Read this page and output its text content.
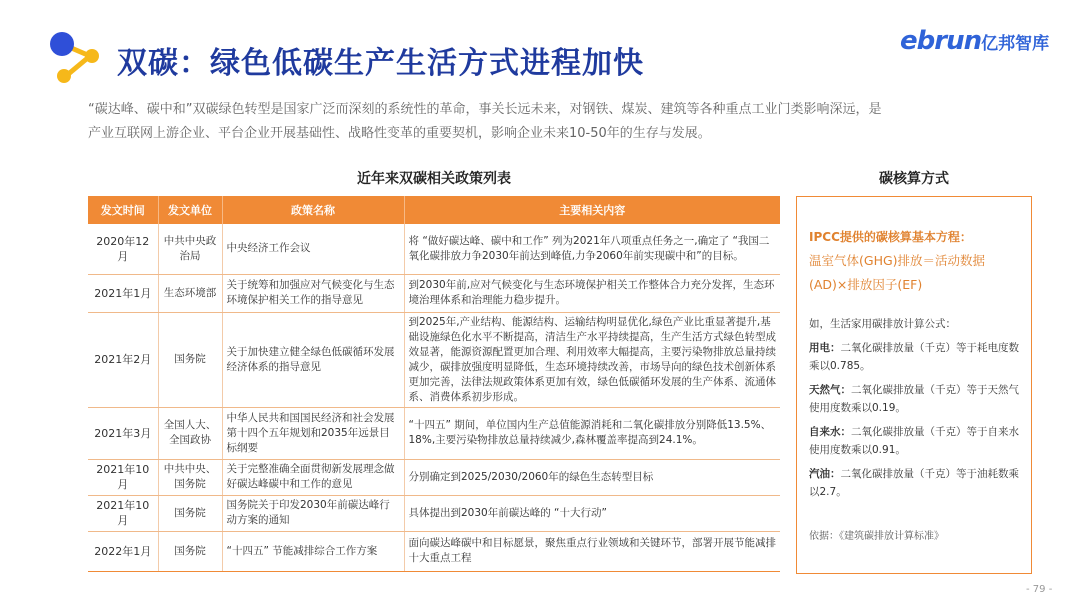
双碳：绿色低碳生产生活方式进程加快
ebrun亿邦智库
“碳达峰、碳中和”双碳绿色转型是国家广泛而深刻的系统性的革命，事关长远未来，对钢铁、煤炭、建筑等各种重点工业门类影响深远，是
产业互联网上游企业、平台企业开展基础性、战略性变革的重要契机，影响企业未来10-50年的生存与发展。
近年来双碳相关政策列表	碳核算方式
发文时间	发文单位	政策名称	主要相关内容
2020年12月	中共中央政治局	中央经济工作会议	将 “做好碳达峰、碳中和工作” 列为2021年八项重点任务之一,确定了 “我国二氧化碳排放力争2030年前达到峰值,力争2060年前实现碳中和”的目标。
2021年1月	生态环境部	关于统筹和加强应对气候变化与生态环境保护相关工作的指导意见	到2030年前,应对气候变化与生态环境保护相关工作整体合力充分发挥，生态环境治理体系和治理能力稳步提升。
2021年2月	国务院	关于加快建立健全绿色低碳循环发展经济体系的指导意见	到2025年,产业结构、能源结构、运输结构明显优化,绿色产业比重显著提升,基础设施绿色化水平不断提高，清洁生产水平持续提高，生产生活方式绿色转型成效显著，能源资源配置更加合理、利用效率大幅提高，主要污染物排放总量持续减少，碳排放强度明显降低，生态环境持续改善，市场导向的绿色技术创新体系更加完善，法律法规政策体系更加有效，绿色低碳循环发展的生产体系、流通体系、消费体系初步形成。
2021年3月	全国人大、全国政协	中华人民共和国国民经济和社会发展第十四个五年规划和2035年远景目标纲要	“十四五” 期间，单位国内生产总值能源消耗和二氧化碳排放分别降低13.5%、18%,主要污染物排放总量持续减少,森林覆盖率提高到24.1%。
2021年10月	中共中央、国务院	关于完整准确全面贯彻新发展理念做好碳达峰碳中和工作的意见	分别确定到2025/2030/2060年的绿色生态转型目标
2021年10月	国务院	国务院关于印发2030年前碳达峰行动方案的通知	具体提出到2030年前碳达峰的 “十大行动”
2022年1月	国务院	“十四五” 节能减排综合工作方案	面向碳达峰碳中和目标愿景，聚焦重点行业领域和关键环节，部署开展节能减排十大重点工程
IPCC提供的碳核算基本方程：
温室气体(GHG)排放＝活动数据(AD)×排放因子(EF)
如，生活家用碳排放计算公式：
用电：二氧化碳排放量（千克）等于耗电度数乘以0.785。
天然气：二氧化碳排放量（千克）等于天然气使用度数乘以0.19。
自来水：二氧化碳排放量（千克）等于自来水使用度数乘以0.91。
汽油：二氧化碳排放量（千克）等于油耗数乘以2.7。
依据：《建筑碳排放计算标准》
- 79 -
